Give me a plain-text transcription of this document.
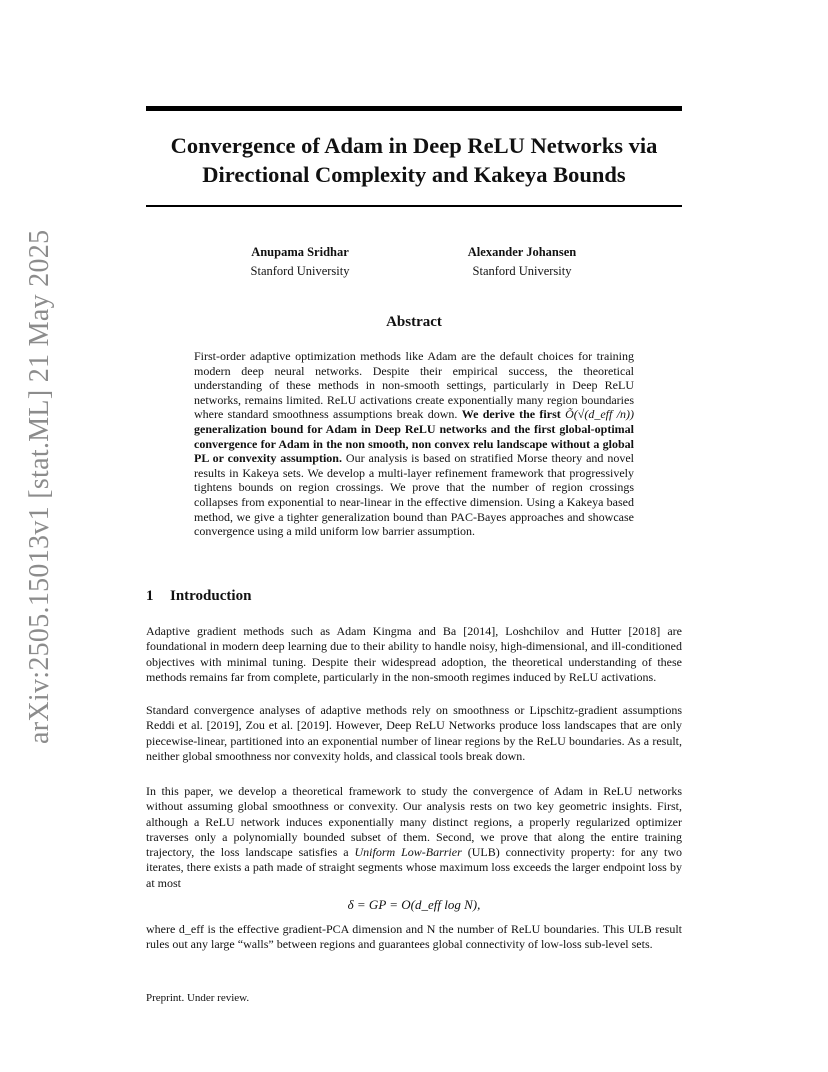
arXiv:2505.15013v1 [stat.ML] 21 May 2025
Convergence of Adam in Deep ReLU Networks via Directional Complexity and Kakeya Bounds
Anupama Sridhar
Stanford University
Alexander Johansen
Stanford University
Abstract
First-order adaptive optimization methods like Adam are the default choices for training modern deep neural networks. Despite their empirical success, the theoretical understanding of these methods in non-smooth settings, particularly in Deep ReLU networks, remains limited. ReLU activations create exponentially many region boundaries where standard smoothness assumptions break down. We derive the first Õ(√(d_eff /n)) generalization bound for Adam in Deep ReLU networks and the first global-optimal convergence for Adam in the non smooth, non convex relu landscape without a global PL or convexity assumption. Our analysis is based on stratified Morse theory and novel results in Kakeya sets. We develop a multi-layer refinement framework that progressively tightens bounds on region crossings. We prove that the number of region crossings collapses from exponential to near-linear in the effective dimension. Using a Kakeya based method, we give a tighter generalization bound than PAC-Bayes approaches and showcase convergence using a mild uniform low barrier assumption.
1 Introduction
Adaptive gradient methods such as Adam Kingma and Ba [2014], Loshchilov and Hutter [2018] are foundational in modern deep learning due to their ability to handle noisy, high-dimensional, and ill-conditioned objectives with minimal tuning. Despite their widespread adoption, the theoretical understanding of these methods remains far from complete, particularly in the non-smooth regimes induced by ReLU activations.
Standard convergence analyses of adaptive methods rely on smoothness or Lipschitz-gradient assumptions Reddi et al. [2019], Zou et al. [2019]. However, Deep ReLU Networks produce loss landscapes that are only piecewise-linear, partitioned into an exponential number of linear regions by the ReLU boundaries. As a result, neither global smoothness nor convexity holds, and classical tools break down.
In this paper, we develop a theoretical framework to study the convergence of Adam in ReLU networks without assuming global smoothness or convexity. Our analysis rests on two key geometric insights. First, although a ReLU network induces exponentially many distinct regions, a properly regularized optimizer traverses only a polynomially bounded subset of them. Second, we prove that along the entire training trajectory, the loss landscape satisfies a Uniform Low-Barrier (ULB) connectivity property: for any two iterates, there exists a path made of straight segments whose maximum loss exceeds the larger endpoint loss by at most
δ = GP = O(d_eff log N),
where d_eff is the effective gradient-PCA dimension and N the number of ReLU boundaries. This ULB result rules out any large “walls” between regions and guarantees global connectivity of low-loss sub-level sets.
Preprint. Under review.
